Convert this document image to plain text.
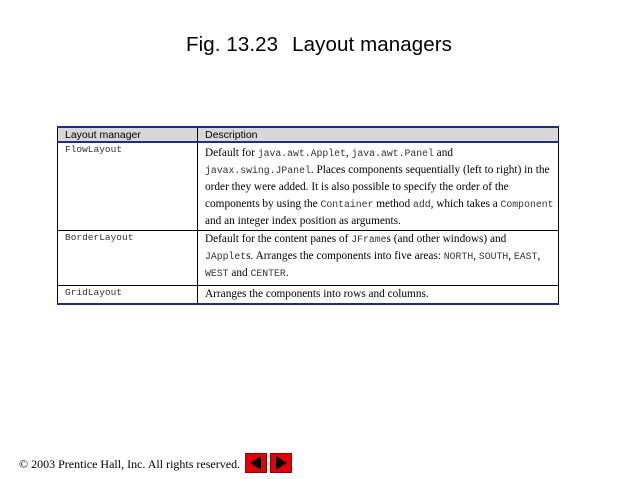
Fig. 13.23 Layout managers
Layout manager	Description
FlowLayout	Default for java.awt.Applet, java.awt.Panel and javax.swing.JPanel. Places components sequentially (left to right) in the order they were added. It is also possible to specify the order of the components by using the Container method add, which takes a Component and an integer index position as arguments.
BorderLayout	Default for the content panes of JFrames (and other windows) and JApplets. Arranges the components into five areas: NORTH, SOUTH, EAST, WEST and CENTER.
GridLayout	Arranges the components into rows and columns.
© 2003 Prentice Hall, Inc. All rights reserved.
